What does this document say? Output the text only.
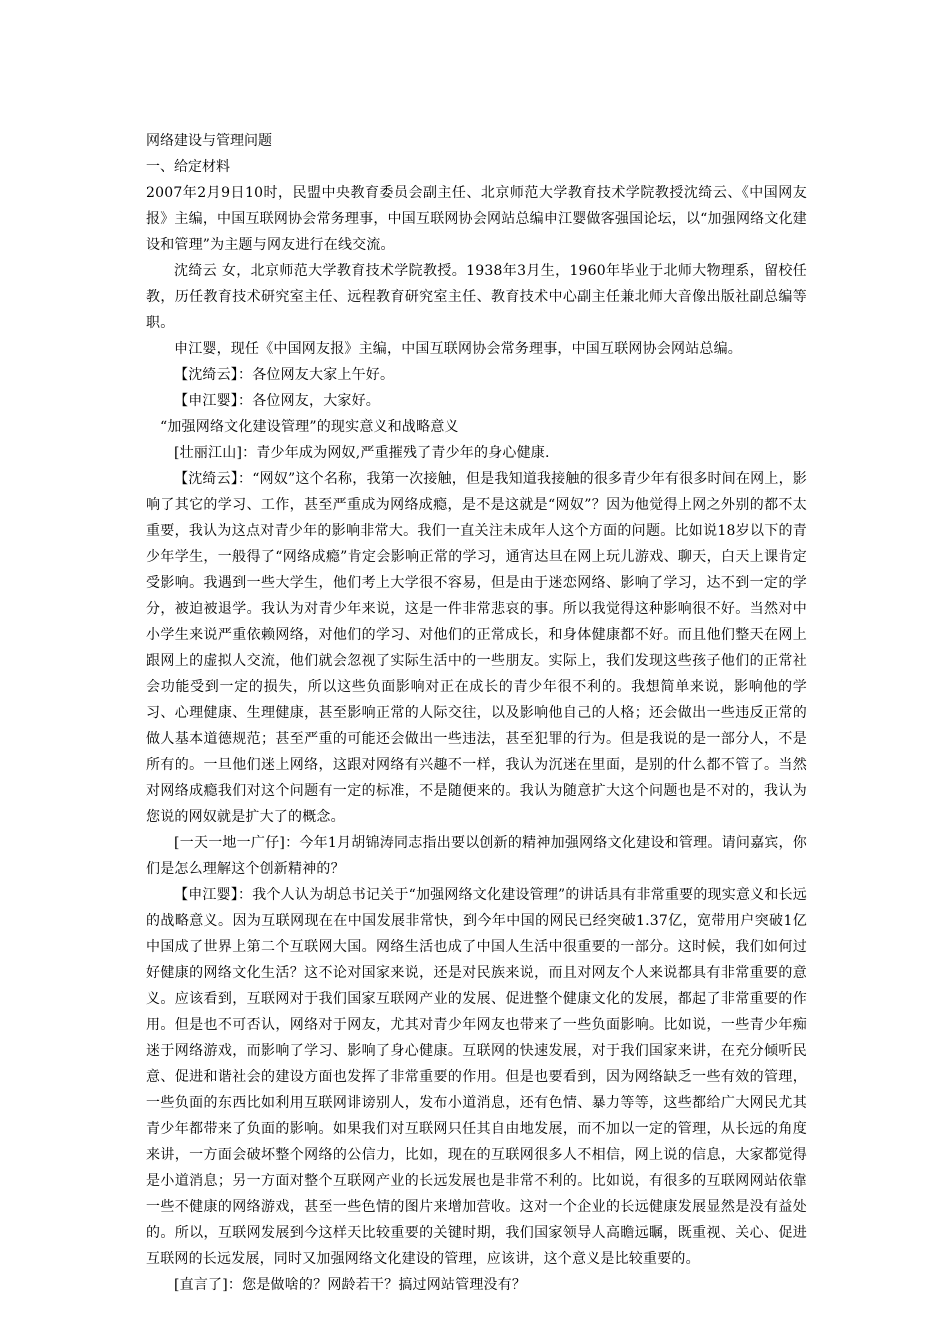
网络建设与管理问题
一、给定材料

2007年2月9日10时，民盟中央教育委员会副主任、北京师范大学教育技术学院教授沈绮云、《中国网友报》主编，中国互联网协会常务理事，中国互联网协会网站总编申江婴做客强国论坛，以“加强网络文化建设和管理”为主题与网友进行在线交流。

沈绮云 女，北京师范大学教育技术学院教授。1938年3月生，1960年毕业于北师大物理系，留校任教，历任教育技术研究室主任、远程教育研究室主任、教育技术中心副主任兼北师大音像出版社副总编等职。

申江婴，现任《中国网友报》主编，中国互联网协会常务理事，中国互联网协会网站总编。

【沈绮云】：各位网友大家上午好。

【申江婴】：各位网友，大家好。

“加强网络文化建设管理”的现实意义和战略意义

[壮丽江山]：青少年成为网奴,严重摧残了青少年的身心健康.

【沈绮云】：“网奴”这个名称，我第一次接触，但是我知道我接触的很多青少年有很多时间在网上，影响了其它的学习、工作，甚至严重成为网络成瘾，是不是这就是“网奴”？因为他觉得上网之外别的都不太重要，我认为这点对青少年的影响非常大。我们一直关注未成年人这个方面的问题。比如说18岁以下的青少年学生，一般得了“网络成瘾”肯定会影响正常的学习，通宵达旦在网上玩儿游戏、聊天，白天上课肯定受影响。我遇到一些大学生，他们考上大学很不容易，但是由于迷恋网络、影响了学习，达不到一定的学分，被迫被退学。我认为对青少年来说，这是一件非常悲哀的事。所以我觉得这种影响很不好。当然对中小学生来说严重依赖网络，对他们的学习、对他们的正常成长，和身体健康都不好。而且他们整天在网上跟网上的虚拟人交流，他们就会忽视了实际生活中的一些朋友。实际上，我们发现这些孩子他们的正常社会功能受到一定的损失，所以这些负面影响对正在成长的青少年很不利的。我想简单来说，影响他的学习、心理健康、生理健康，甚至影响正常的人际交往，以及影响他自己的人格；还会做出一些违反正常的做人基本道德规范；甚至严重的可能还会做出一些违法，甚至犯罪的行为。但是我说的是一部分人，不是所有的。一旦他们迷上网络，这跟对网络有兴趣不一样，我认为沉迷在里面，是别的什么都不管了。当然对网络成瘾我们对这个问题有一定的标准，不是随便来的。我认为随意扩大这个问题也是不对的，我认为您说的网奴就是扩大了的概念。

[一天一地一广仔]：今年1月胡锦涛同志指出要以创新的精神加强网络文化建设和管理。请问嘉宾，你们是怎么理解这个创新精神的？

【申江婴】：我个人认为胡总书记关于“加强网络文化建设管理”的讲话具有非常重要的现实意义和长远的战略意义。因为互联网现在在中国发展非常快，到今年中国的网民已经突破1.37亿，宽带用户突破1亿中国成了世界上第二个互联网大国。网络生活也成了中国人生活中很重要的一部分。这时候，我们如何过好健康的网络文化生活？这不论对国家来说，还是对民族来说，而且对网友个人来说都具有非常重要的意义。应该看到，互联网对于我们国家互联网产业的发展、促进整个健康文化的发展，都起了非常重要的作用。但是也不可否认，网络对于网友，尤其对青少年网友也带来了一些负面影响。比如说，一些青少年痴迷于网络游戏，而影响了学习、影响了身心健康。互联网的快速发展，对于我们国家来讲，在充分倾听民意、促进和谐社会的建设方面也发挥了非常重要的作用。但是也要看到，因为网络缺乏一些有效的管理，一些负面的东西比如利用互联网诽谤别人，发布小道消息，还有色情、暴力等等，这些都给广大网民尤其青少年都带来了负面的影响。如果我们对互联网只任其自由地发展，而不加以一定的管理，从长远的角度来讲，一方面会破坏整个网络的公信力，比如，现在的互联网很多人不相信，网上说的信息，大家都觉得是小道消息；另一方面对整个互联网产业的长远发展也是非常不利的。比如说，有很多的互联网网站依靠一些不健康的网络游戏，甚至一些色情的图片来增加营收。这对一个企业的长远健康发展显然是没有益处的。所以，互联网发展到今这样天比较重要的关键时期，我们国家领导人高瞻远瞩，既重视、关心、促进互联网的长远发展，同时又加强网络文化建设的管理，应该讲，这个意义是比较重要的。

[直言了]：您是做啥的？网龄若干？搞过网站管理没有？
